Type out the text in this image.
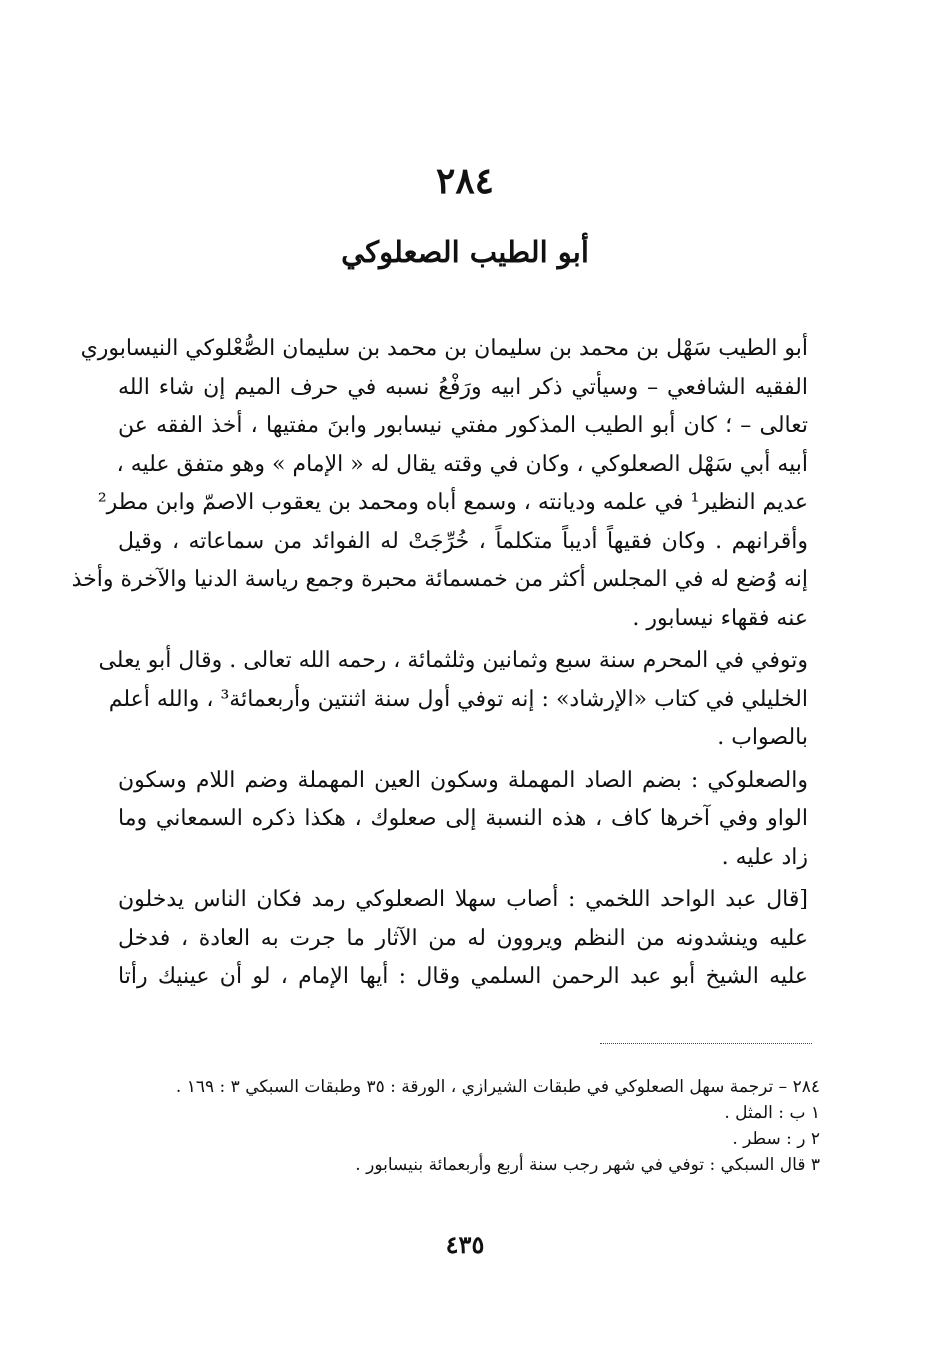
٢٨٤
أبو الطيب الصعلوكي
أبو الطيب سَهْل بن محمد بن سليمان بن محمد بن سليمان الصُّعْلوكي النيسابوري
الفقيه الشافعي – وسيأتي ذكر ابيه ورَفْعُ نسبه في حرف الميم إن شاء الله
تعالى – ؛ كان أبو الطيب المذكور مفتي نيسابور وابنَ مفتيها ، أخذ الفقه عن
أبيه أبي سَهْل الصعلوكي ، وكان في وقته يقال له « الإمام » وهو متفق عليه ،
عديم النظير¹ في علمه وديانته ، وسمع أباه ومحمد بن يعقوب الاصمّ وابن مطر²
وأقرانهم . وكان فقيهاً أديباً متكلماً ، خُرِّجَتْ له الفوائد من سماعاته ، وقيل
إنه وُضع له في المجلس أكثر من خمسمائة محبرة وجمع رياسة الدنيا والآخرة وأخذ
عنه فقهاء نيسابور .
وتوفي في المحرم سنة سبع وثمانين وثلثمائة ، رحمه الله تعالى . وقال أبو يعلى
الخليلي في كتاب «الإرشاد» : إنه توفي أول سنة اثنتين وأربعمائة³ ، والله أعلم
بالصواب .
والصعلوكي : بضم الصاد المهملة وسكون العين المهملة وضم اللام وسكون
الواو وفي آخرها كاف ، هذه النسبة إلى صعلوك ، هكذا ذكره السمعاني وما
زاد عليه .
[قال عبد الواحد اللخمي : أصاب سهلا الصعلوكي رمد فكان الناس يدخلون
عليه وينشدونه من النظم ويروون له من الآثار ما جرت به العادة ، فدخل
عليه الشيخ أبو عبد الرحمن السلمي وقال : أيها الإمام ، لو أن عينيك رأتا
٢٨٤ – ترجمة سهل الصعلوكي في طبقات الشيرازي ، الورقة : ٣٥ وطبقات السبكي ٣ : ١٦٩ .
١ ب : المثل .
٢ ر : سطر .
٣ قال السبكي : توفي في شهر رجب سنة أربع وأربعمائة بنيسابور .
٤٣٥
